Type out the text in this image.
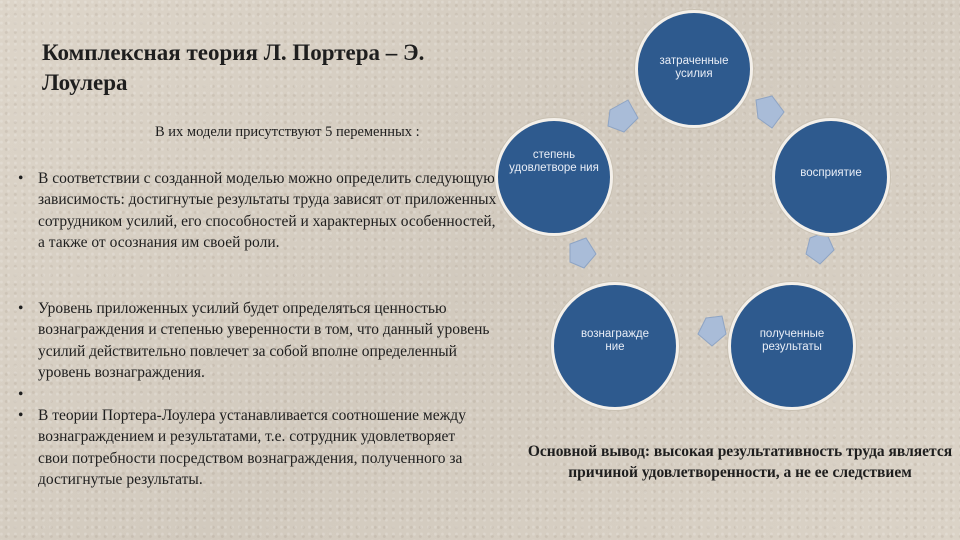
Комплексная теория Л. Портера – Э. Лоулера
В их модели присутствуют 5 переменных :
• В соответствии с созданной моделью можно определить следующую зависимость: достигнутые результаты труда зависят от приложенных сотрудником усилий, его способностей и характерных особенностей, а также от осознания им своей роли.
• Уровень приложенных усилий будет определяться ценностью вознаграждения и степенью уверенности в том, что данный уровень усилий действительно повлечет за собой вполне определенный уровень вознаграждения.
• В теории Портера-Лоулера устанавливается соотношение между вознаграждением и результатами, т.е. сотрудник удовлетворяет свои потребности посредством вознаграждения, полученного за достигнутые результаты.
затраченные усилия
степень удовлетворе ния	восприятие
вознагражде ние
полученные результаты
Основной вывод: высокая результативность труда является причиной удовлетворенности, а не ее следствием
